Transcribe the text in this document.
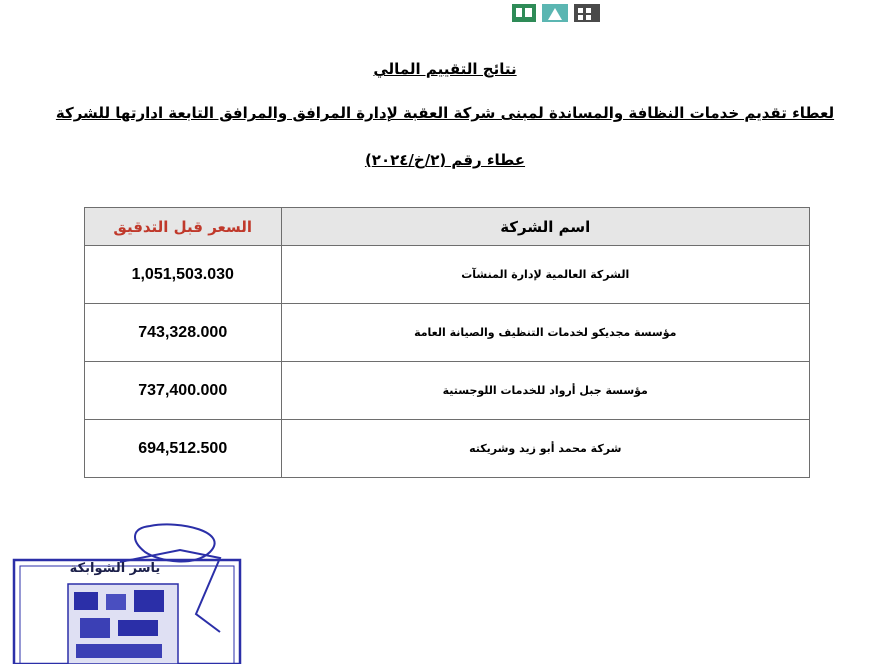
نتائج التقييم المالي
لعطاء تقديم خدمات النظافة والمساندة لمبنى شركة العقبة لإدارة المرافق والمرافق التابعة ادارتها للشركة
عطاء رقم (٢/خ/٢٠٢٤)
السعر قبل التدقيق	اسم الشركة
1,051,503.030	الشركة العالمية لإدارة المنشآت
743,328.000	مؤسسة مجديكو لخدمات التنظيف والصيانة العامة
737,400.000	مؤسسة جبل أرواد للخدمات اللوجستية
694,512.500	شركة محمد أبو زيد وشريكته
ياسر الشوابكة
